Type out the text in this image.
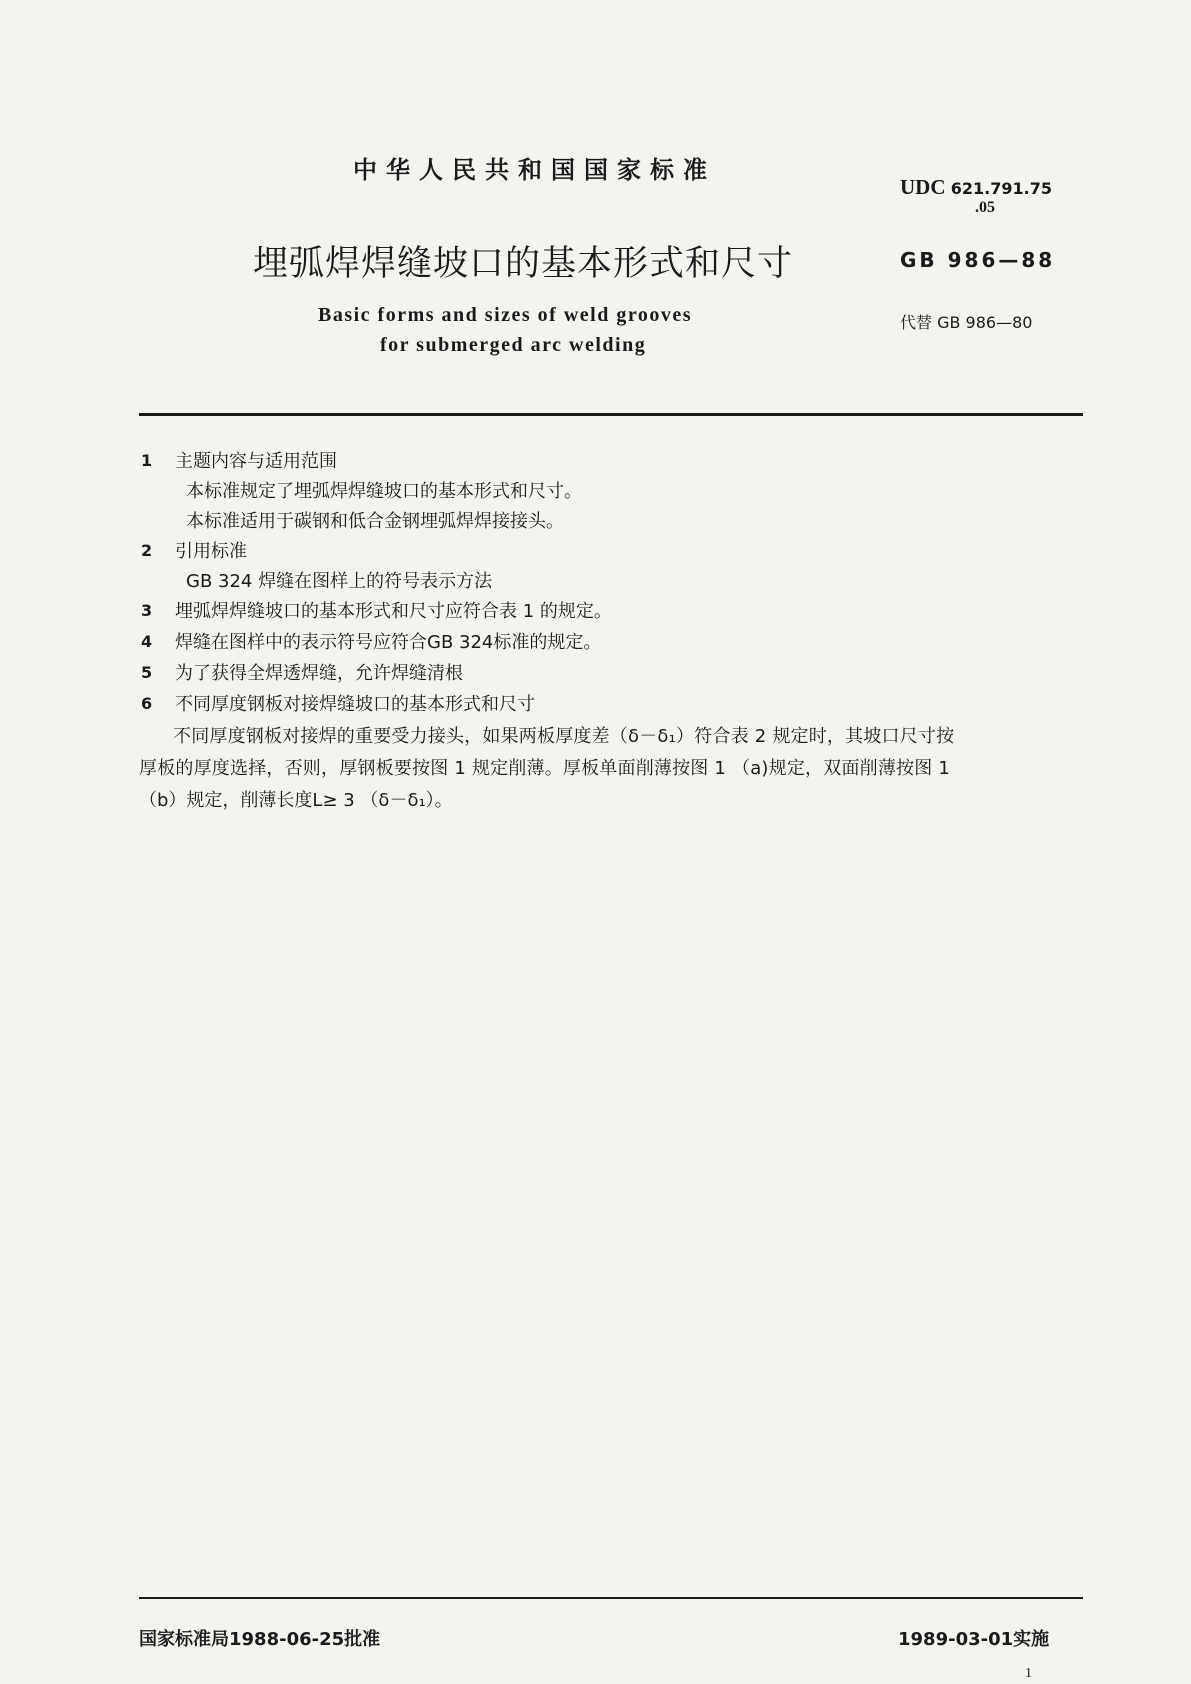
中华人民共和国国家标准
UDC 621.791.75
.05
埋弧焊焊缝坡口的基本形式和尺寸	GB 986—88
Basic forms and sizes of weld grooves
for submerged arc welding
代替 GB 986—80
1 主题内容与适用范围
本标准规定了埋弧焊焊缝坡口的基本形式和尺寸。
本标准适用于碳钢和低合金钢埋弧焊焊接接头。
2 引用标准
GB 324 焊缝在图样上的符号表示方法
3 埋弧焊焊缝坡口的基本形式和尺寸应符合表 1 的规定。
4 焊缝在图样中的表示符号应符合GB 324标准的规定。
5 为了获得全焊透焊缝，允许焊缝清根
6 不同厚度钢板对接焊缝坡口的基本形式和尺寸
不同厚度钢板对接焊的重要受力接头，如果两板厚度差（δ－δ₁）符合表 2 规定时，其坡口尺寸按
厚板的厚度选择，否则，厚钢板要按图 1 规定削薄。厚板单面削薄按图 1 （a)规定，双面削薄按图 1
（b）规定，削薄长度L≥ 3 （δ－δ₁）。
国家标准局1988-06-25批准	1989-03-01实施
1
